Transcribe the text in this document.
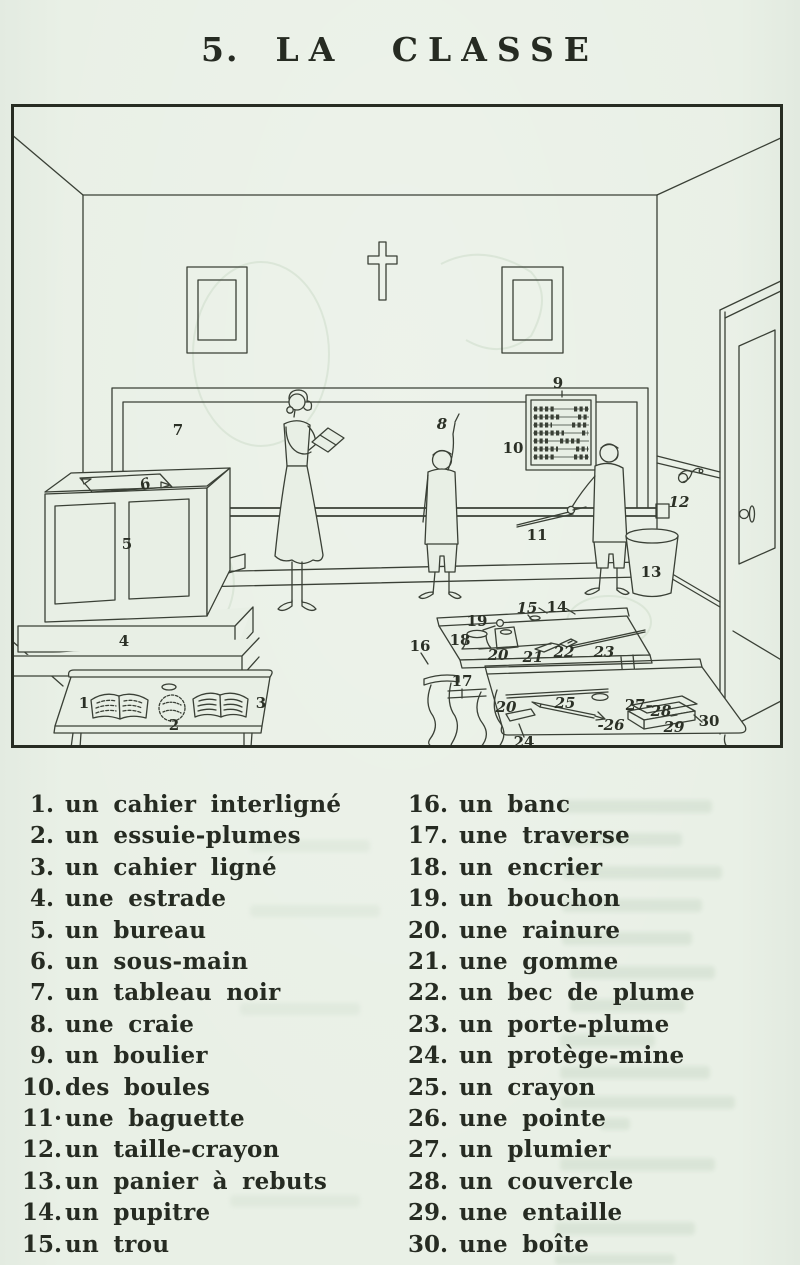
5. LA CLASSE
1
2
3
4
5
6
7	8
9
10
11
12
13
14
15
16
17
18
19
20 21 22 23
20
24
25
-26
27–
28
29 30
1. un cahier interligné
2. un essuie-plumes
3. un cahier ligné
4. une estrade
5. un bureau
6. un sous-main
7. un tableau noir
8. une craie
9. un boulier
10. des boules
11· une baguette
12. un taille-crayon
13. un panier à rebuts
14. un pupitre
15. un trou
16. un banc
17. une traverse
18. un encrier
19. un bouchon
20. une rainure
21. une gomme
22. un bec de plume
23. un porte-plume
24. un protège-mine
25. un crayon
26. une pointe
27. un plumier
28. un couvercle
29. une entaille
30. une boîte
